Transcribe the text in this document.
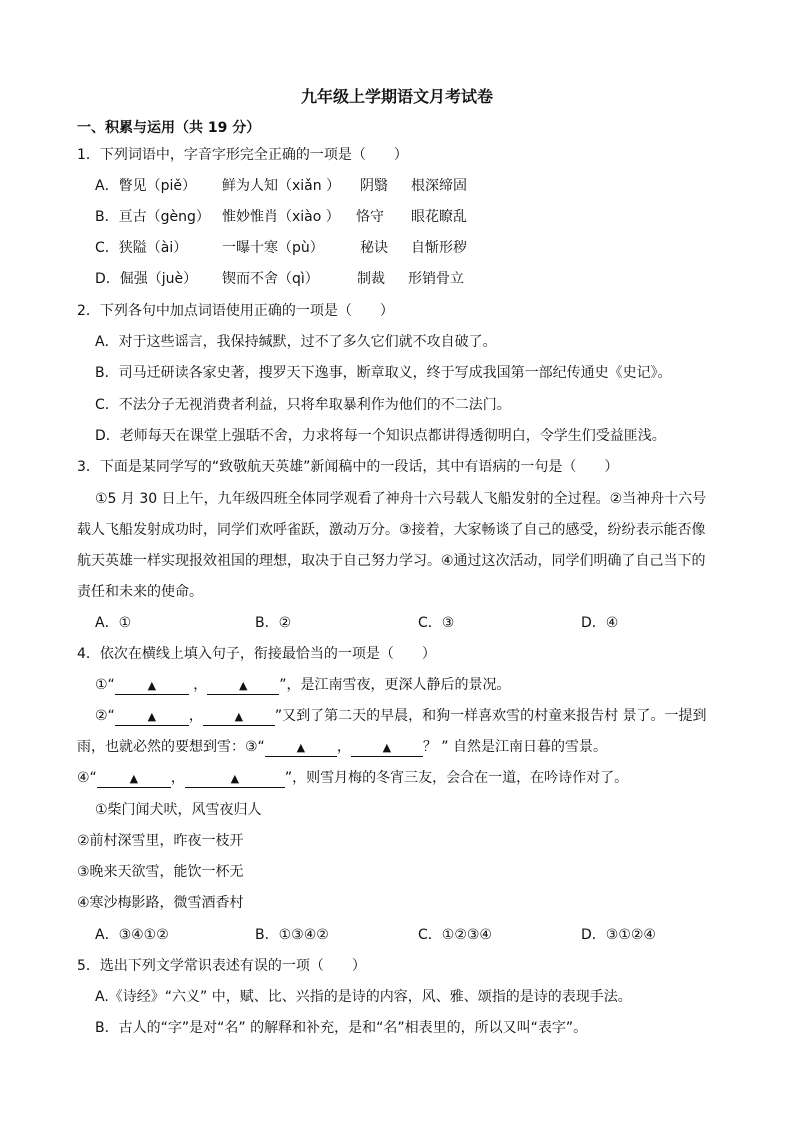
九年级上学期语文月考试卷
一、积累与运用（共 19 分）
1．下列词语中，字音字形完全正确的一项是（　　）
A．瞥见（piě） 鲜为人知（xiǎn ） 阴翳 根深缔固
B．亘古（gèng） 惟妙惟肖（xiào ） 恪守 眼花瞭乱
C．狭隘（ài） 一曝十寒（pù）	秘诀 自惭形秽
D．倔强（juè） 锲而不舍（qì）	制裁 形销骨立
2．下列各句中加点词语使用正确的一项是（　　）
A．对于这些谣言，我保持缄默，过不了多久它们就不攻自破了。
B．司马迁研读各家史著，搜罗天下逸事，断章取义，终于写成我国第一部纪传通史《史记》。
C．不法分子无视消费者利益，只将牟取暴利作为他们的不二法门。
D．老师每天在课堂上强聒不舍，力求将每一个知识点都讲得透彻明白，令学生们受益匪浅。
3．下面是某同学写的“致敬航天英雄”新闻稿中的一段话，其中有语病的一句是（　　）
①5 月 30 日上午，九年级四班全体同学观看了神舟十六号载人飞船发射的全过程。②当神舟十六号
载人飞船发射成功时，同学们欢呼雀跃，激动万分。③接着，大家畅谈了自己的感受，纷纷表示能否像
航天英雄一样实现报效祖国的理想，取决于自己努力学习。④通过这次活动，同学们明确了自己当下的
责任和未来的使命。
A．①	B．②	C．③	D．④
4．依次在横线上填入句子，衔接最恰当的一项是（　　）
①“	▲	，	▲ ”，是江南雪夜，更深人静后的景况。
②“	▲ ，	▲ ”又到了第二天的早晨，和狗一样喜欢雪的村童来报告村 景了。一提到
雨，也就必然的要想到雪：③“	▲ ，	▲ ？ ” 自然是江南日暮的雪景。
④“	▲ ，	▲	”，则雪月梅的冬宵三友，会合在一道，在吟诗作对了。
①柴门闻犬吠，风雪夜归人
②前村深雪里，昨夜一枝开
③晚来天欲雪，能饮一杯无
④寒沙梅影路，微雪酒香村
A．③④①②	B．①③④②	C．①②③④	D．③①②④
5．选出下列文学常识表述有误的一项（　　）
A.《诗经》“六义” 中，赋、比、兴指的是诗的内容，风、雅、颂指的是诗的表现手法。
B．古人的“字”是对“名” 的解释和补充，是和“名”相表里的，所以又叫“表字”。
